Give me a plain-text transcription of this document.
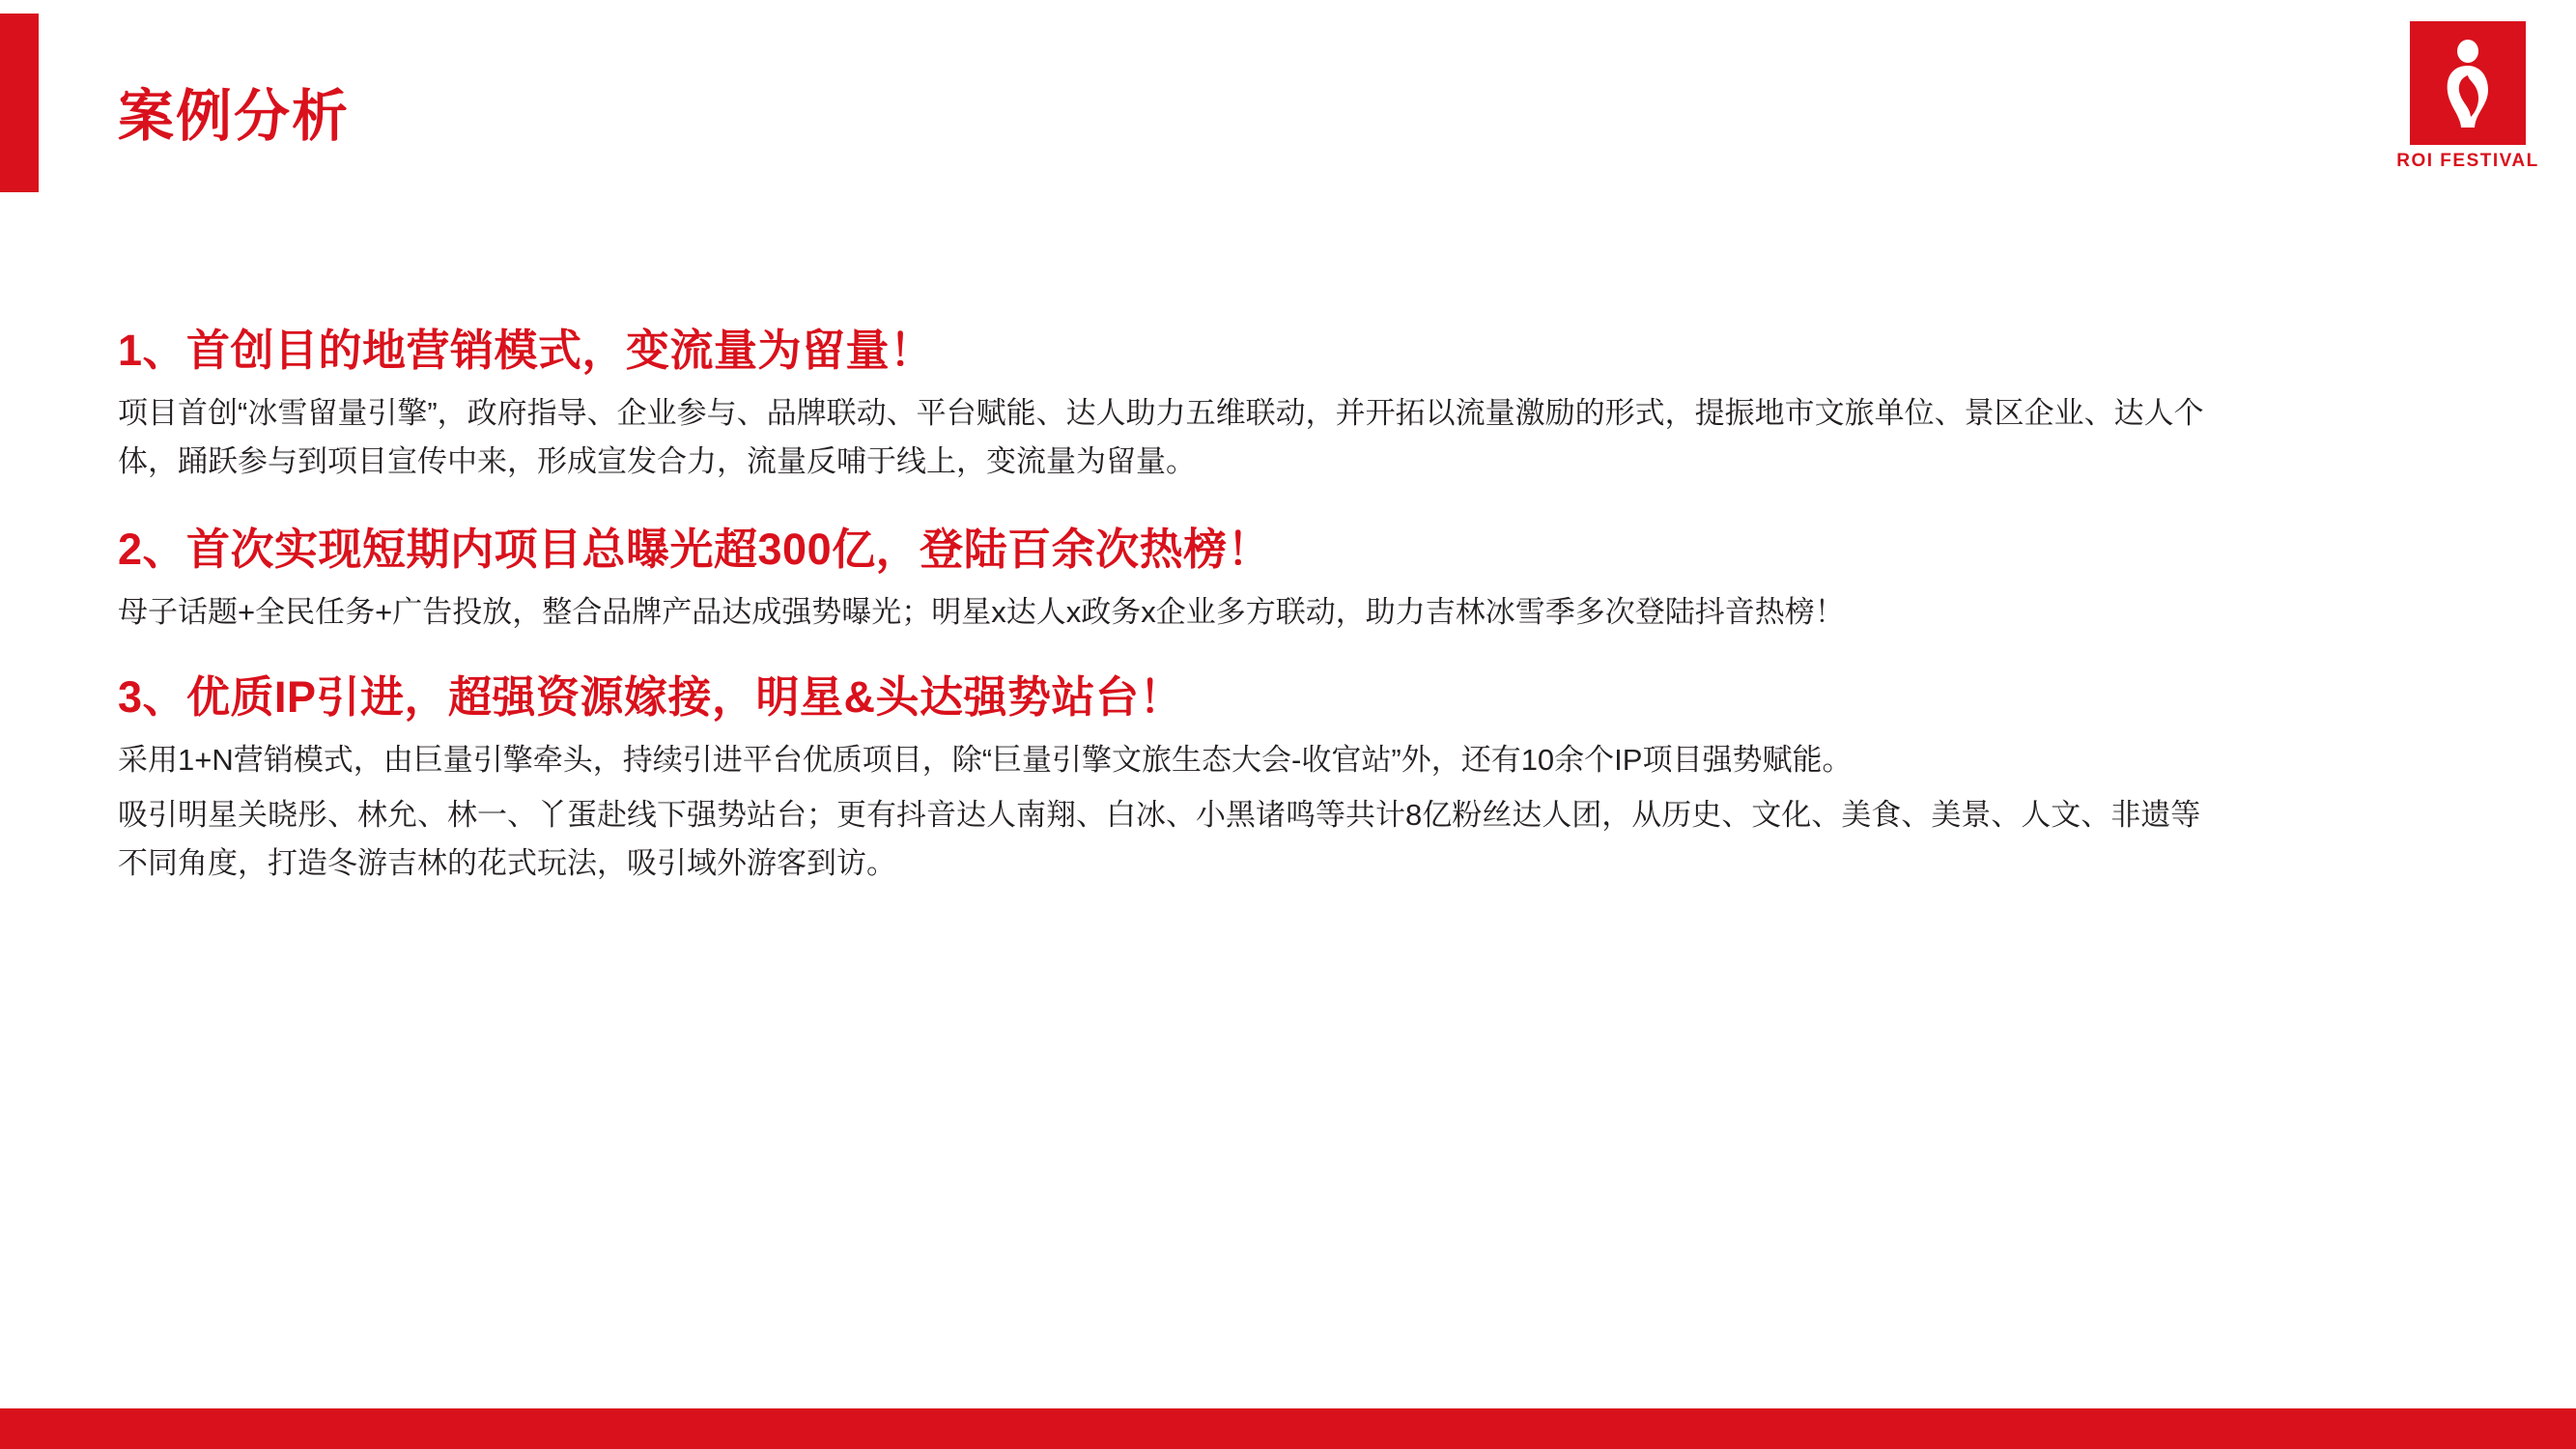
案例分析
ROI FESTIVAL

1、首创目的地营销模式，变流量为留量！

项目首创“冰雪留量引擎”，政府指导、企业参与、品牌联动、平台赋能、达人助力五维联动，并开拓以流量激励的形式，提振地市文旅单位、景区企业、达人个体，踊跃参与到项目宣传中来，形成宣发合力，流量反哺于线上，变流量为留量。

2、首次实现短期内项目总曝光超300亿，登陆百余次热榜！

母子话题+全民任务+广告投放，整合品牌产品达成强势曝光；明星x达人x政务x企业多方联动，助力吉林冰雪季多次登陆抖音热榜！

3、优质IP引进，超强资源嫁接，明星&头达强势站台！

采用1+N营销模式，由巨量引擎牵头，持续引进平台优质项目，除“巨量引擎文旅生态大会-收官站”外，还有10余个IP项目强势赋能。

吸引明星关晓彤、林允、林一、丫蛋赴线下强势站台；更有抖音达人南翔、白冰、小黑诸鸣等共计8亿粉丝达人团，从历史、文化、美食、美景、人文、非遗等不同角度，打造冬游吉林的花式玩法，吸引域外游客到访。
